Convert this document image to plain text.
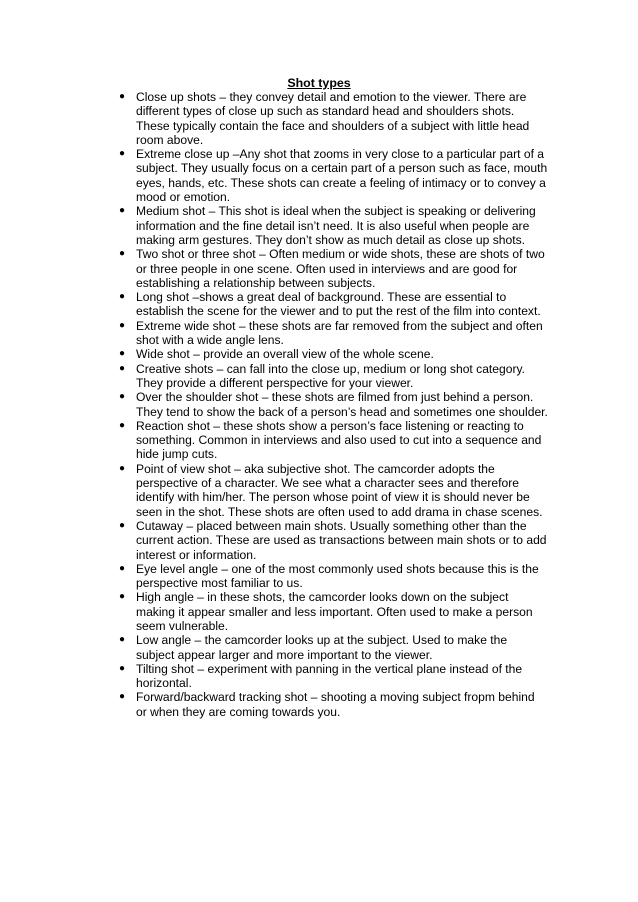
Shot types
● Close up shots – they convey detail and emotion to the viewer. There are different types of close up such as standard head and shoulders shots. These typically contain the face and shoulders of a subject with little head room above.
● Extreme close up –Any shot that zooms in very close to a particular part of a subject. They usually focus on a certain part of a person such as face, mouth eyes, hands, etc. These shots can create a feeling of intimacy or to convey a mood or emotion.
● Medium shot – This shot is ideal when the subject is speaking or delivering information and the fine detail isn’t need. It is also useful when people are making arm gestures. They don’t show as much detail as close up shots.
● Two shot or three shot – Often medium or wide shots, these are shots of two or three people in one scene. Often used in interviews and are good for establishing a relationship between subjects.
● Long shot –shows a great deal of background. These are essential to establish the scene for the viewer and to put the rest of the film into context.
● Extreme wide shot – these shots are far removed from the subject and often shot with a wide angle lens.
● Wide shot – provide an overall view of the whole scene.
● Creative shots – can fall into the close up, medium or long shot category. They provide a different perspective for your viewer.
● Over the shoulder shot – these shots are filmed from just behind a person. They tend to show the back of a person’s head and sometimes one shoulder.
● Reaction shot – these shots show a person’s face listening or reacting to something. Common in interviews and also used to cut into a sequence and hide jump cuts.
● Point of view shot – aka subjective shot. The camcorder adopts the perspective of a character. We see what a character sees and therefore identify with him/her. The person whose point of view it is should never be seen in the shot. These shots are often used to add drama in chase scenes.
● Cutaway – placed between main shots. Usually something other than the current action. These are used as transactions between main shots or to add interest or information.
● Eye level angle – one of the most commonly used shots because this is the perspective most familiar to us.
● High angle – in these shots, the camcorder looks down on the subject making it appear smaller and less important. Often used to make a person seem vulnerable.
● Low angle – the camcorder looks up at the subject. Used to make the subject appear larger and more important to the viewer.
● Tilting shot – experiment with panning in the vertical plane instead of the horizontal.
● Forward/backward tracking shot – shooting a moving subject fropm behind or when they are coming towards you.
